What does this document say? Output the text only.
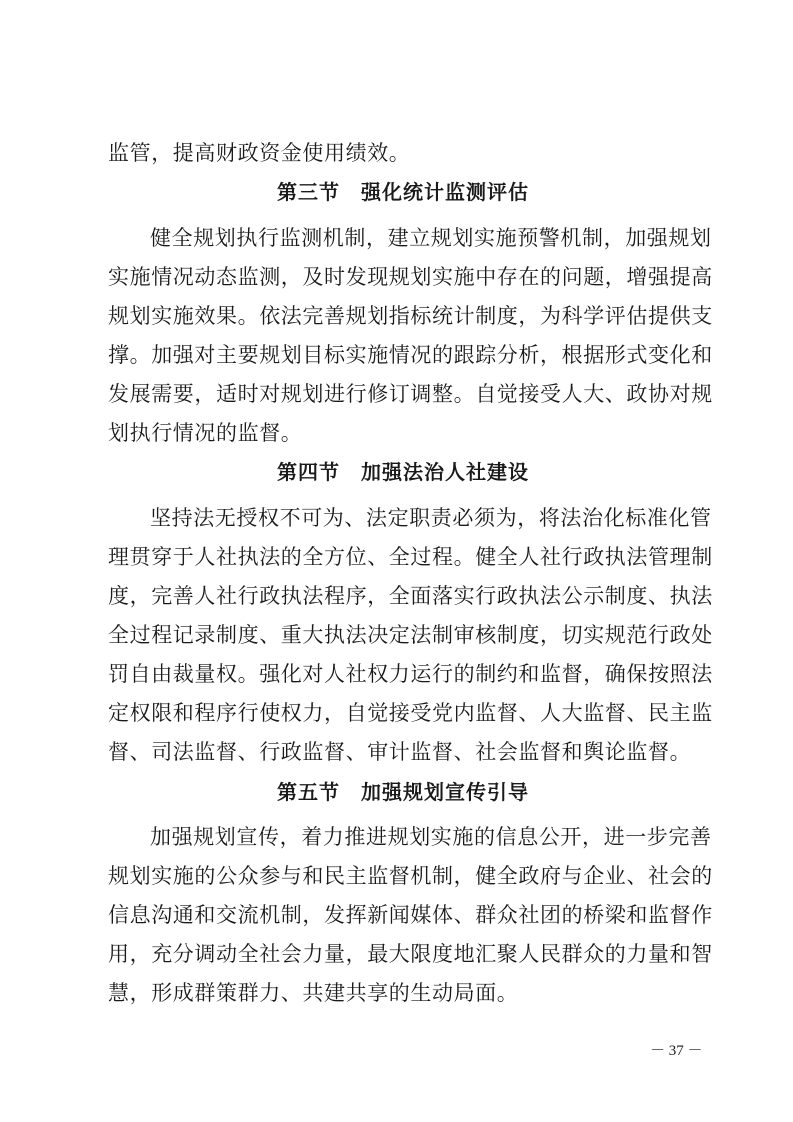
监管，提高财政资金使用绩效。
第三节　强化统计监测评估
健全规划执行监测机制，建立规划实施预警机制，加强规划
实施情况动态监测，及时发现规划实施中存在的问题，增强提高
规划实施效果。依法完善规划指标统计制度，为科学评估提供支
撑。加强对主要规划目标实施情况的跟踪分析，根据形式变化和
发展需要，适时对规划进行修订调整。自觉接受人大、政协对规
划执行情况的监督。
第四节　加强法治人社建设
坚持法无授权不可为、法定职责必须为，将法治化标准化管
理贯穿于人社执法的全方位、全过程。健全人社行政执法管理制
度，完善人社行政执法程序，全面落实行政执法公示制度、执法
全过程记录制度、重大执法决定法制审核制度，切实规范行政处
罚自由裁量权。强化对人社权力运行的制约和监督，确保按照法
定权限和程序行使权力，自觉接受党内监督、人大监督、民主监
督、司法监督、行政监督、审计监督、社会监督和舆论监督。
第五节　加强规划宣传引导
加强规划宣传，着力推进规划实施的信息公开，进一步完善
规划实施的公众参与和民主监督机制，健全政府与企业、社会的
信息沟通和交流机制，发挥新闻媒体、群众社团的桥梁和监督作
用，充分调动全社会力量，最大限度地汇聚人民群众的力量和智
慧，形成群策群力、共建共享的生动局面。
－ 37 －
